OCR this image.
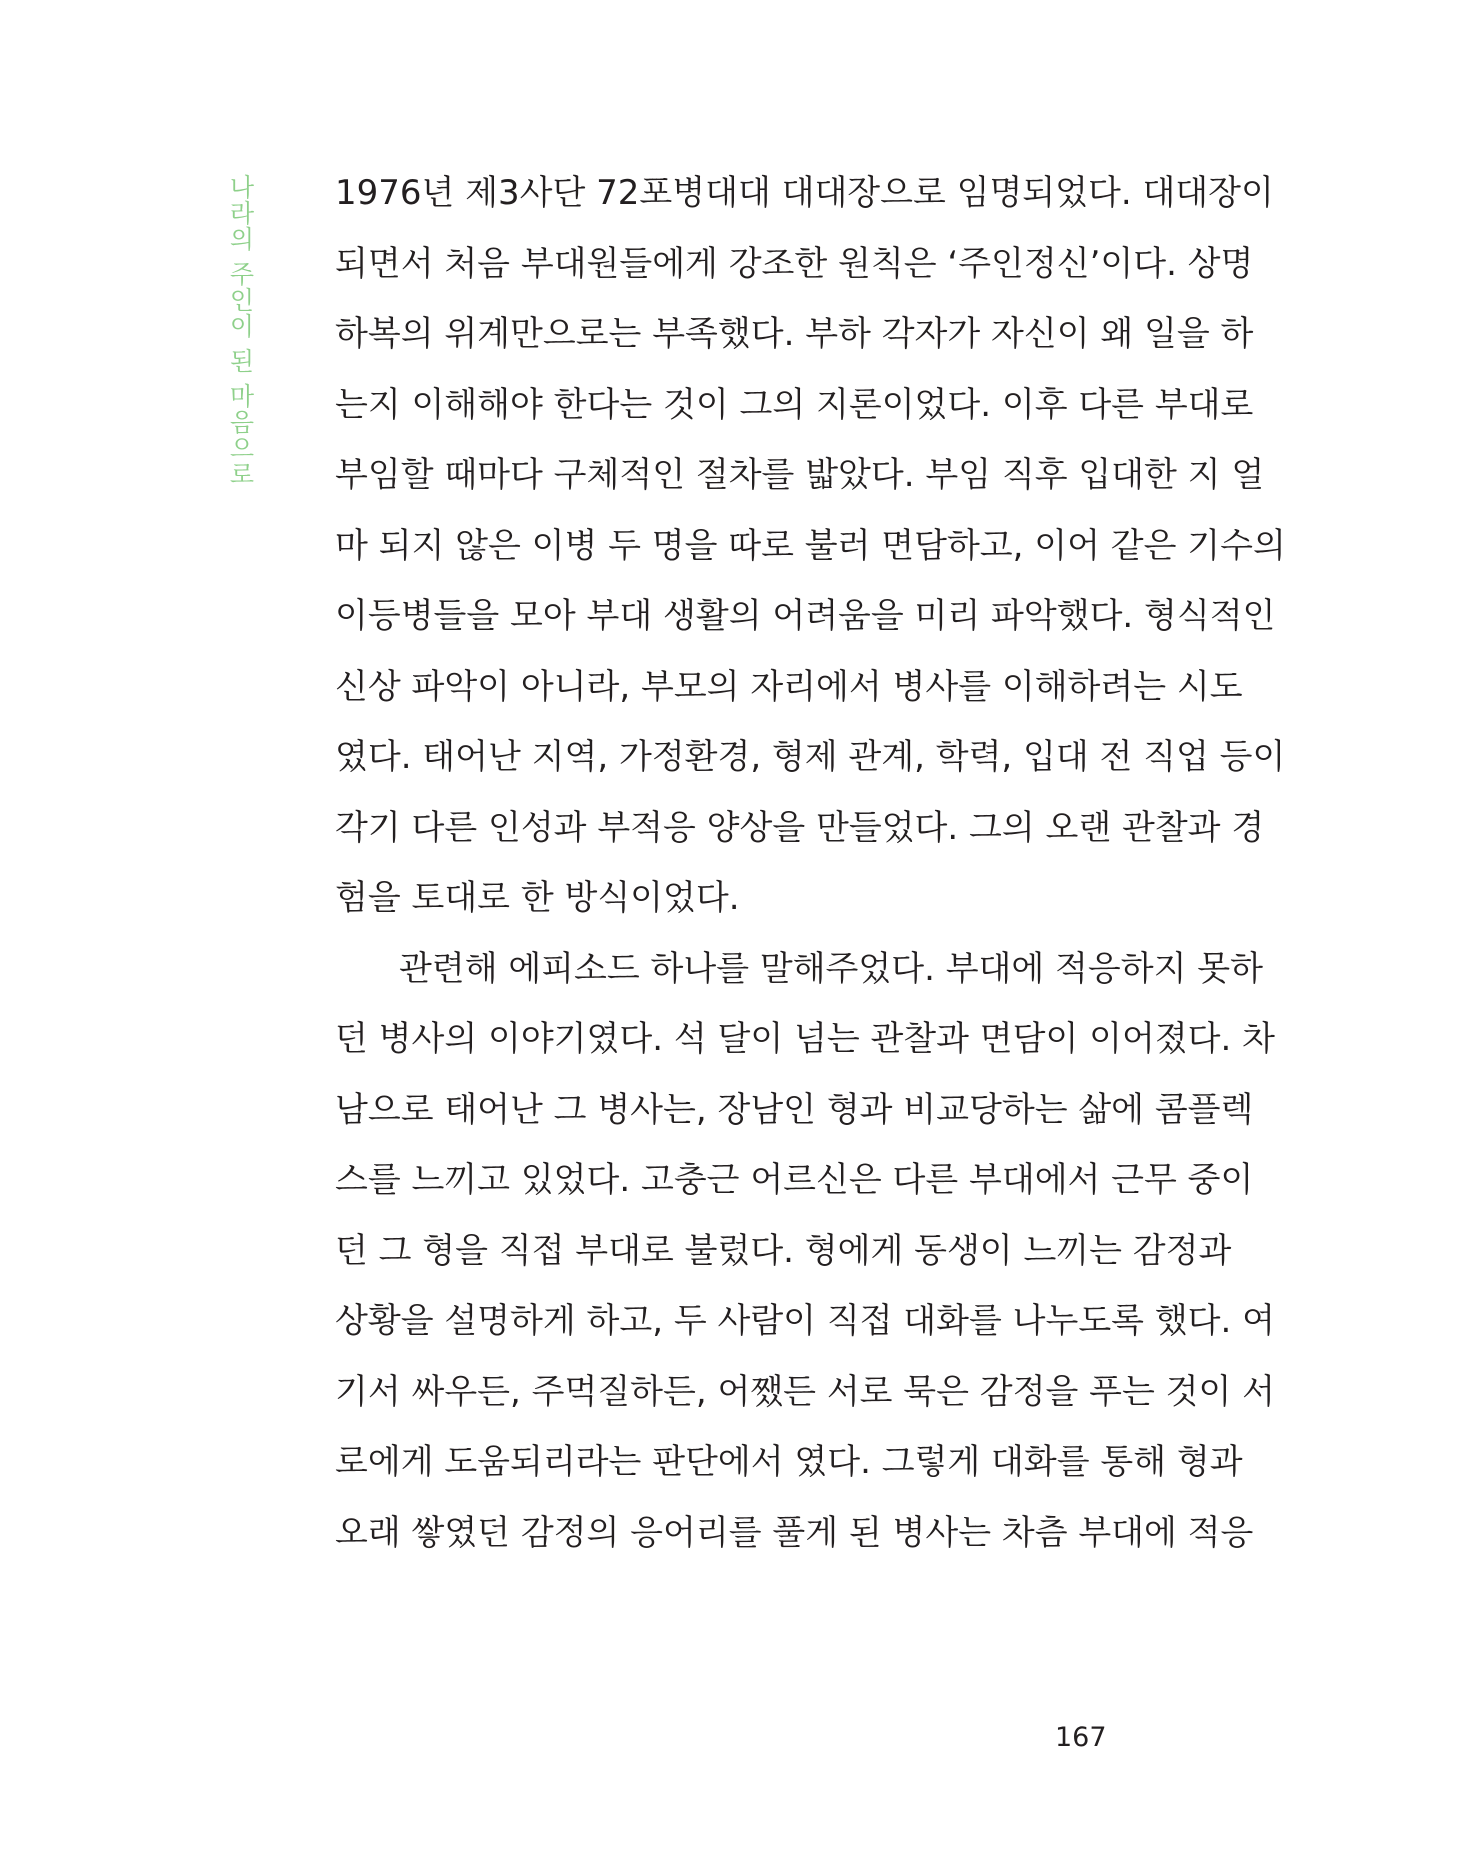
나라의 주인이 된 마음으로 1976년 제3사단 72포병대대 대대장으로 임명되었다. 대대장이
되면서 처음 부대원들에게 강조한 원칙은 ‘주인정신’이다. 상명
하복의 위계만으로는 부족했다. 부하 각자가 자신이 왜 일을 하
는지 이해해야 한다는 것이 그의 지론이었다. 이후 다른 부대로
부임할 때마다 구체적인 절차를 밟았다. 부임 직후 입대한 지 얼
마 되지 않은 이병 두 명을 따로 불러 면담하고, 이어 같은 기수의
이등병들을 모아 부대 생활의 어려움을 미리 파악했다. 형식적인
신상 파악이 아니라, 부모의 자리에서 병사를 이해하려는 시도
였다. 태어난 지역, 가정환경, 형제 관계, 학력, 입대 전 직업 등이
각기 다른 인성과 부적응 양상을 만들었다. 그의 오랜 관찰과 경
험을 토대로 한 방식이었다.
관련해 에피소드 하나를 말해주었다. 부대에 적응하지 못하
던 병사의 이야기였다. 석 달이 넘는 관찰과 면담이 이어졌다. 차
남으로 태어난 그 병사는, 장남인 형과 비교당하는 삶에 콤플렉
스를 느끼고 있었다. 고충근 어르신은 다른 부대에서 근무 중이
던 그 형을 직접 부대로 불렀다. 형에게 동생이 느끼는 감정과
상황을 설명하게 하고, 두 사람이 직접 대화를 나누도록 했다. 여
기서 싸우든, 주먹질하든, 어쨌든 서로 묵은 감정을 푸는 것이 서
로에게 도움되리라는 판단에서 였다. 그렇게 대화를 통해 형과
오래 쌓였던 감정의 응어리를 풀게 된 병사는 차츰 부대에 적응
167
